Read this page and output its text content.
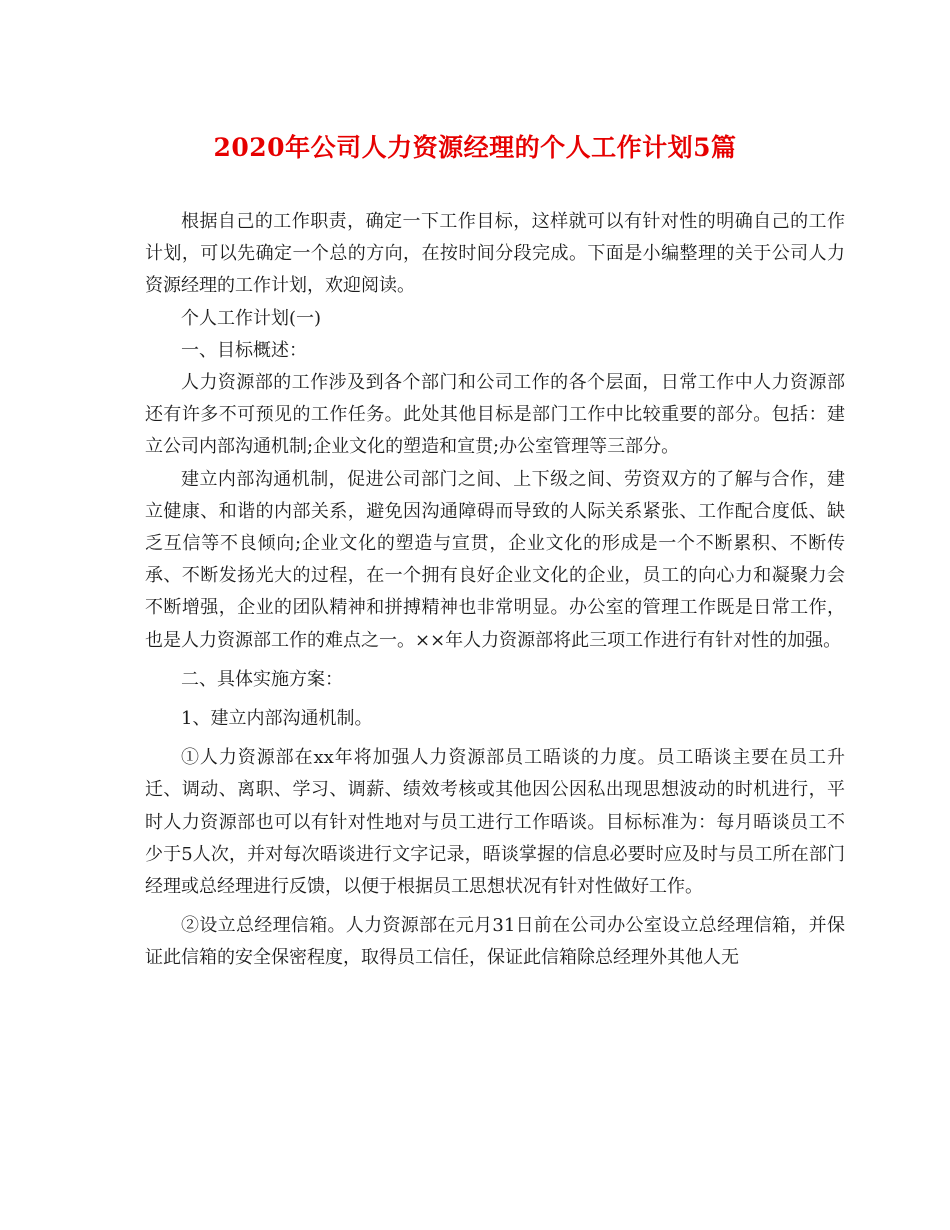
2020年公司人力资源经理的个人工作计划5篇

根据自己的工作职责，确定一下工作目标，这样就可以有针对性的明确自己的工作计划，可以先确定一个总的方向，在按时间分段完成。下面是小编整理的关于公司人力资源经理的工作计划，欢迎阅读。

个人工作计划(一)

一、目标概述：

人力资源部的工作涉及到各个部门和公司工作的各个层面，日常工作中人力资源部还有许多不可预见的工作任务。此处其他目标是部门工作中比较重要的部分。包括：建立公司内部沟通机制;企业文化的塑造和宣贯;办公室管理等三部分。

建立内部沟通机制，促进公司部门之间、上下级之间、劳资双方的了解与合作，建立健康、和谐的内部关系，避免因沟通障碍而导致的人际关系紧张、工作配合度低、缺乏互信等不良倾向;企业文化的塑造与宣贯，企业文化的形成是一个不断累积、不断传承、不断发扬光大的过程，在一个拥有良好企业文化的企业，员工的向心力和凝聚力会不断增强，企业的团队精神和拼搏精神也非常明显。办公室的管理工作既是日常工作，也是人力资源部工作的难点之一。××年人力资源部将此三项工作进行有针对性的加强。

二、具体实施方案：

1、建立内部沟通机制。

①人力资源部在xx年将加强人力资源部员工晤谈的力度。员工晤谈主要在员工升迁、调动、离职、学习、调薪、绩效考核或其他因公因私出现思想波动的时机进行，平时人力资源部也可以有针对性地对与员工进行工作晤谈。目标标准为：每月晤谈员工不少于5人次，并对每次晤谈进行文字记录，晤谈掌握的信息必要时应及时与员工所在部门经理或总经理进行反馈，以便于根据员工思想状况有针对性做好工作。

②设立总经理信箱。人力资源部在元月31日前在公司办公室设立总经理信箱，并保证此信箱的安全保密程度，取得员工信任，保证此信箱除总经理外其他人无
